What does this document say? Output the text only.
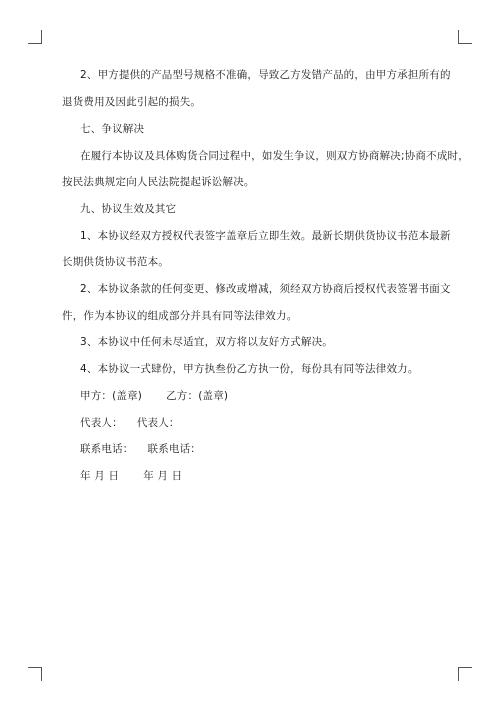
2、甲方提供的产品型号规格不准确，导致乙方发错产品的，由甲方承担所有的
退货费用及因此引起的损失。
七、争议解决
在履行本协议及具体购货合同过程中，如发生争议，则双方协商解决;协商不成时，
按民法典规定向人民法院提起诉讼解决。
九、协议生效及其它
1、本协议经双方授权代表签字盖章后立即生效。最新长期供货协议书范本最新
长期供货协议书范本。
2、本协议条款的任何变更、修改或增减，须经双方协商后授权代表签署书面文
件，作为本协议的组成部分并具有同等法律效力。
3、本协议中任何未尽适宜，双方将以友好方式解决。
4、本协议一式肆份，甲方执叁份乙方执一份，每份具有同等法律效力。
甲方：(盖章) 乙方：(盖章)
代表人： 代表人：
联系电话： 联系电话：
年 月 日 年 月 日
